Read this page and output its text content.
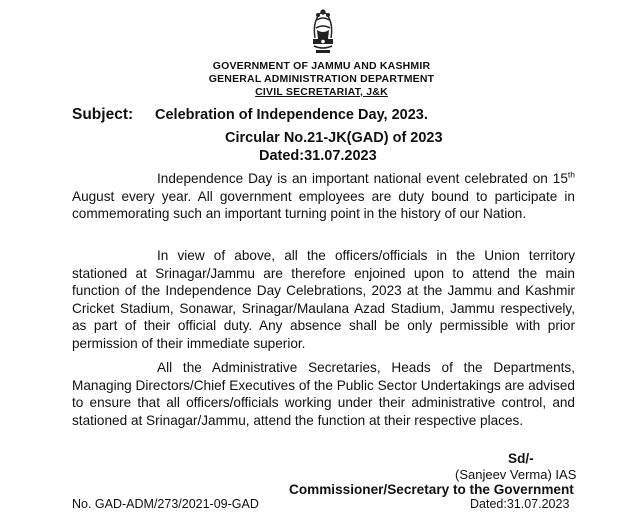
GOVERNMENT OF JAMMU AND KASHMIR
GENERAL ADMINISTRATION DEPARTMENT
CIVIL SECRETARIAT, J&K
Subject: Celebration of Independence Day, 2023.
Circular No.21-JK(GAD) of 2023
Dated:31.07.2023

Independence Day is an important national event celebrated on 15th August every year. All government employees are duty bound to participate in commemorating such an important turning point in the history of our Nation.

In view of above, all the officers/officials in the Union territory stationed at Srinagar/Jammu are therefore enjoined upon to attend the main function of the Independence Day Celebrations, 2023 at the Jammu and Kashmir Cricket Stadium, Sonawar, Srinagar/Maulana Azad Stadium, Jammu respectively, as part of their official duty. Any absence shall be only permissible with prior permission of their immediate superior.

All the Administrative Secretaries, Heads of the Departments, Managing Directors/Chief Executives of the Public Sector Undertakings are advised to ensure that all officers/officials working under their administrative control, and stationed at Srinagar/Jammu, attend the function at their respective places.

Sd/-
(Sanjeev Verma) IAS
Commissioner/Secretary to the Government
No. GAD-ADM/273/2021-09-GAD	Dated:31.07.2023
